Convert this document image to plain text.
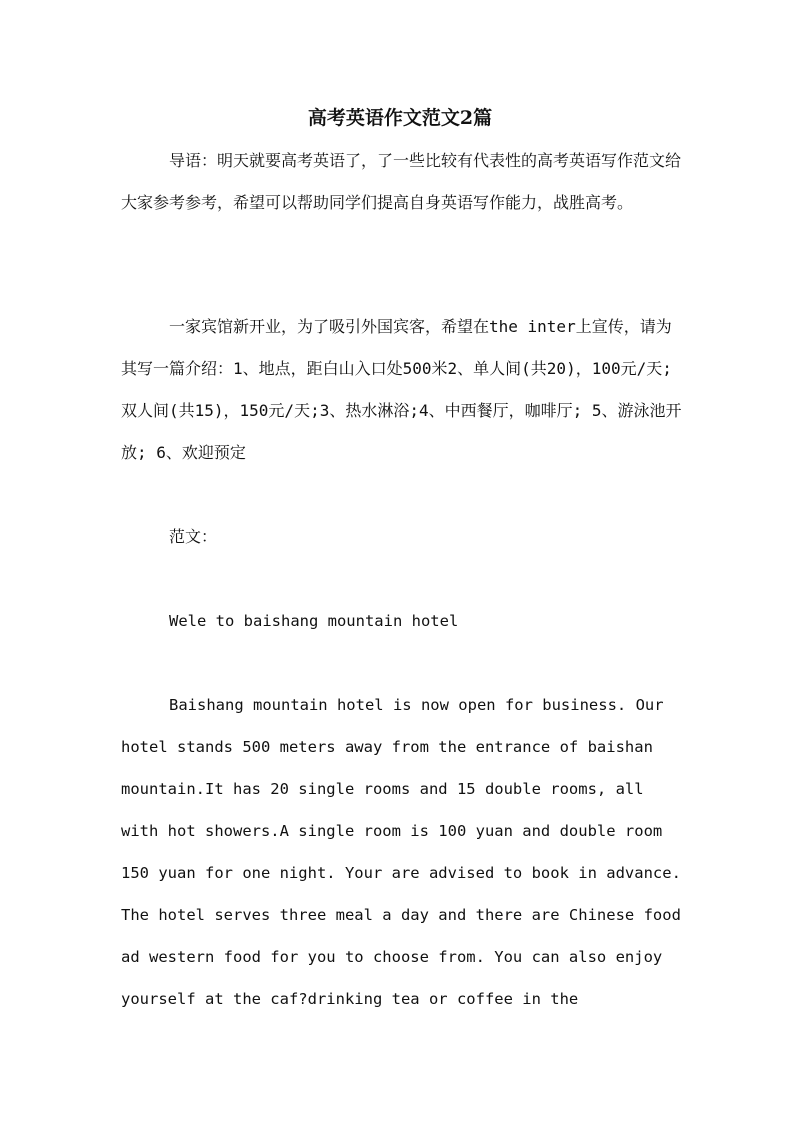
高考英语作文范文2篇

导语：明天就要高考英语了，了一些比较有代表性的高考英语写作范文给大家参考参考，希望可以帮助同学们提高自身英语写作能力，战胜高考。

一家宾馆新开业，为了吸引外国宾客，希望在the inter上宣传，请为其写一篇介绍：1、地点，距白山入口处500米2、单人间(共20)，100元/天;双人间(共15)，150元/天;3、热水淋浴;4、中西餐厅，咖啡厅; 5、游泳池开放; 6、欢迎预定

范文：

Wele to baishang mountain hotel

Baishang mountain hotel is now open for business. Our hotel stands 500 meters away from the entrance of baishan mountain.It has 20 single rooms and 15 double rooms, all with hot showers.A single room is 100 yuan and double room 150 yuan for one night. Your are advised to book in advance. The hotel serves three meal a day and there are Chinese food ad western food for you to choose from. You can also enjoy yourself at the caf?drinking tea or coffee in the
